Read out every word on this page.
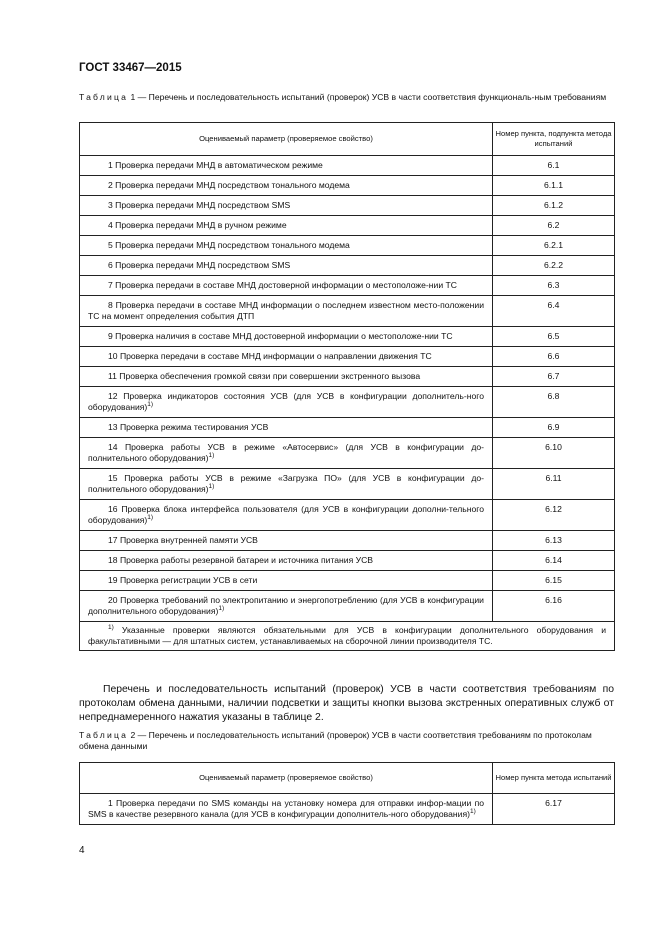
ГОСТ 33467—2015
Таблица 1 — Перечень и последовательность испытаний (проверок) УСВ в части соответствия функциональ-ным требованиям
Оцениваемый параметр (проверяемое свойство)	Номер пункта, подпункта метода испытаний

1 Проверка передачи МНД в автоматическом режиме	6.1

2 Проверка передачи МНД посредством тонального модема	6.1.1

3 Проверка передачи МНД посредством SMS	6.1.2

4 Проверка передачи МНД в ручном режиме	6.2

5 Проверка передачи МНД посредством тонального модема	6.2.1

6 Проверка передачи МНД посредством SMS	6.2.2

7 Проверка передачи в составе МНД достоверной информации о местоположе-нии ТС	6.3

8 Проверка передачи в составе МНД информации о последнем известном место-положении ТС на момент определения события ДТП	6.4

9 Проверка наличия в составе МНД достоверной информации о местоположе-нии ТС	6.5

10 Проверка передачи в составе МНД информации о направлении движения ТС	6.6

11 Проверка обеспечения громкой связи при совершении экстренного вызова	6.7

12 Проверка индикаторов состояния УСВ (для УСВ в конфигурации дополнитель-ного оборудования)$^{1)}$	6.8

13 Проверка режима тестирования УСВ	6.9

14 Проверка работы УСВ в режиме «Автосервис» (для УСВ в конфигурации до-полнительного оборудования)$^{1)}$	6.10

15 Проверка работы УСВ в режиме «Загрузка ПО» (для УСВ в конфигурации до-полнительного оборудования)$^{1)}$	6.11

16 Проверка блока интерфейса пользователя (для УСВ в конфигурации дополни-тельного оборудования)$^{1)}$	6.12

17 Проверка внутренней памяти УСВ	6.13

18 Проверка работы резервной батареи и источника питания УСВ	6.14

19 Проверка регистрации УСВ в сети	6.15

20 Проверка требований по электропитанию и энергопотреблению (для УСВ в конфигурации дополнительного оборудования)$^{1)}$	6.16
$^{1)}$ Указанные проверки являются обязательными для УСВ в конфигурации дополнительного оборудования и факультативными — для штатных систем, устанавливаемых на сборочной линии производителя ТС.	
Перечень и последовательность испытаний (проверок) УСВ в части соответствия требованиям по протоколам обмена данными, наличии подсветки и защиты кнопки вызова экстренных оперативных служб от непреднамеренного нажатия указаны в таблице 2.
Таблица 2 — Перечень и последовательность испытаний (проверок) УСВ в части соответствия требованиям по протоколам обмена данными
Оцениваемый параметр (проверяемое свойство)	Номер пункта метода испытаний

1 Проверка передачи по SMS команды на установку номера для отправки инфор-мации по SMS в качестве резервного канала (для УСВ в конфигурации дополнитель-ного оборудования)$^{1)}$	6.17
4
